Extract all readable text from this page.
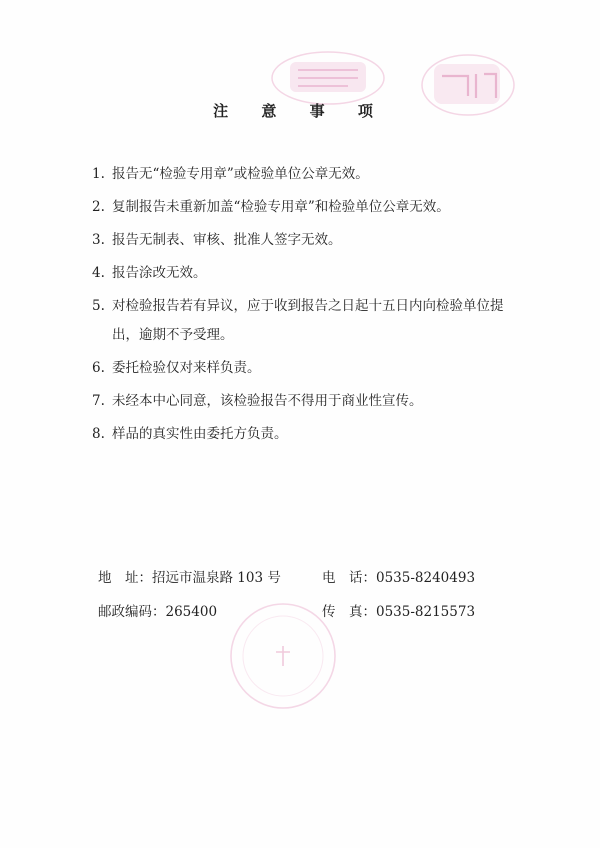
注 意 事 项
1. 报告无“检验专用章”或检验单位公章无效。
2. 复制报告未重新加盖“检验专用章”和检验单位公章无效。
3. 报告无制表、审核、批准人签字无效。
4. 报告涂改无效。
5. 对检验报告若有异议，应于收到报告之日起十五日内向检验单位提
出，逾期不予受理。
6. 委托检验仅对来样负责。
7. 未经本中心同意，该检验报告不得用于商业性宣传。
8. 样品的真实性由委托方负责。
地　址：招远市温泉路 103 号	电　话：0535-8240493
邮政编码：265400	传　真：0535-8215573
